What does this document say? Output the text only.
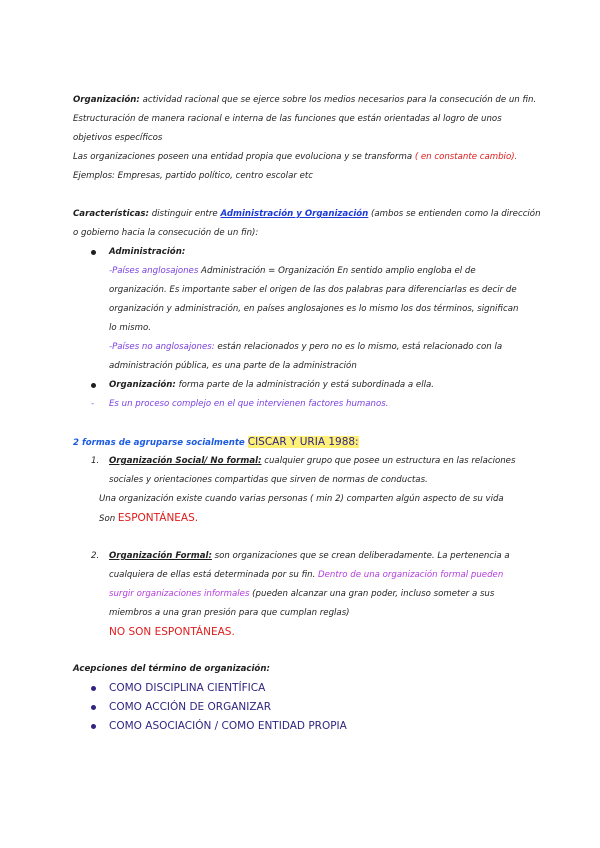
Organización: actividad racional que se ejerce sobre los medios necesarios para la consecución de un fin.
Estructuración de manera racional e interna de las funciones que están orientadas al logro de unos
objetivos específicos
Las organizaciones poseen una entidad propia que evoluciona y se transforma ( en constante cambio).
Ejemplos: Empresas, partido político, centro escolar etc
Características: distinguir entre Administración y Organización (ambos se entienden como la dirección
o gobierno hacia la consecución de un fin):
Administración:
-Países anglosajones Administración = Organización En sentido amplio engloba el de
organización. Es importante saber el origen de las dos palabras para diferenciarlas es decir de
organización y administración, en países anglosajones es lo mismo los dos términos, significan
lo mismo.
-Países no anglosajones: están relacionados y pero no es lo mismo, está relacionado con la
administración pública, es una parte de la administración
Organización: forma parte de la administración y está subordinada a ella.
- Es un proceso complejo en el que intervienen factores humanos.
2 formas de agruparse socialmente CISCAR Y URIA 1988:
1. Organización Social/ No formal: cualquier grupo que posee un estructura en las relaciones
sociales y orientaciones compartidas que sirven de normas de conductas.
Una organización existe cuando varias personas ( min 2) comparten algún aspecto de su vida
Son ESPONTÁNEAS.
2. Organización Formal: son organizaciones que se crean deliberadamente. La pertenencia a
cualquiera de ellas está determinada por su fin. Dentro de una organización formal pueden
surgir organizaciones informales (pueden alcanzar una gran poder, incluso someter a sus
miembros a una gran presión para que cumplan reglas)
NO SON ESPONTÁNEAS.
Acepciones del término de organización:
COMO DISCIPLINA CIENTÍFICA
COMO ACCIÓN DE ORGANIZAR
COMO ASOCIACIÓN / COMO ENTIDAD PROPIA
